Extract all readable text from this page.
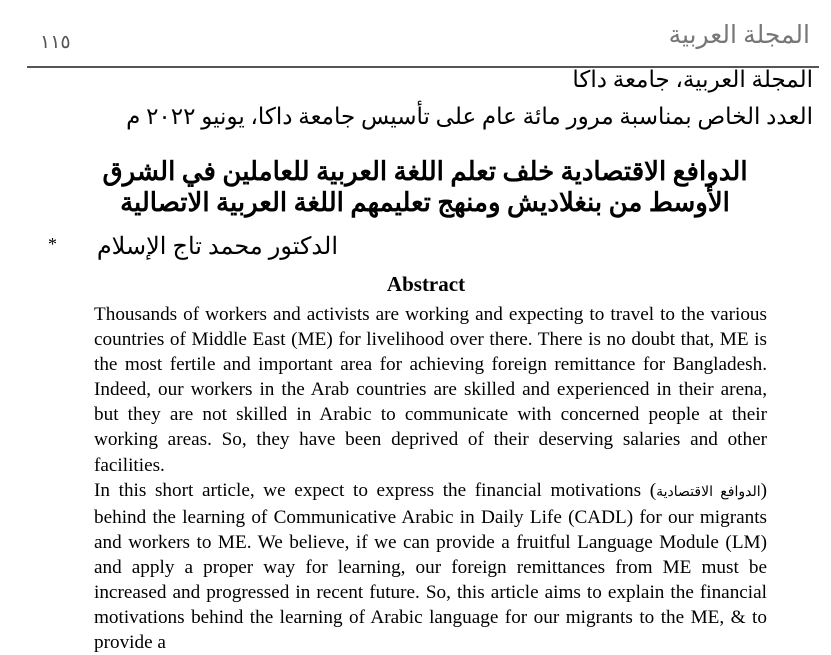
المجلة العربية
١١٥
المجلة العربية، جامعة داكا
العدد الخاص بمناسبة مرور مائة عام على تأسيس جامعة داكا، يونيو ٢٠٢٢ م
الدوافع الاقتصادية خلف تعلم اللغة العربية للعاملين في الشرق
الأوسط من بنغلاديش ومنهج تعليمهم اللغة العربية الاتصالية
الدكتور محمد تاج الإسلام
*
Abstract

Thousands of workers and activists are working and expecting to travel to the various countries of Middle East (ME) for livelihood over there. There is no doubt that, ME is the most fertile and important area for achieving foreign remittance for Bangladesh. Indeed, our workers in the Arab countries are skilled and experienced in their arena, but they are not skilled in Arabic to communicate with concerned people at their working areas. So, they have been deprived of their deserving salaries and other facilities.

In this short article, we expect to express the financial motivations (الدوافع الاقتصادية) behind the learning of Communicative Arabic in Daily Life (CADL) for our migrants and workers to ME. We believe, if we can provide a fruitful Language Module (LM) and apply a proper way for learning, our foreign remittances from ME must be increased and progressed in recent future. So, this article aims to explain the financial motivations behind the learning of Arabic language for our migrants to the ME, & to provide a
